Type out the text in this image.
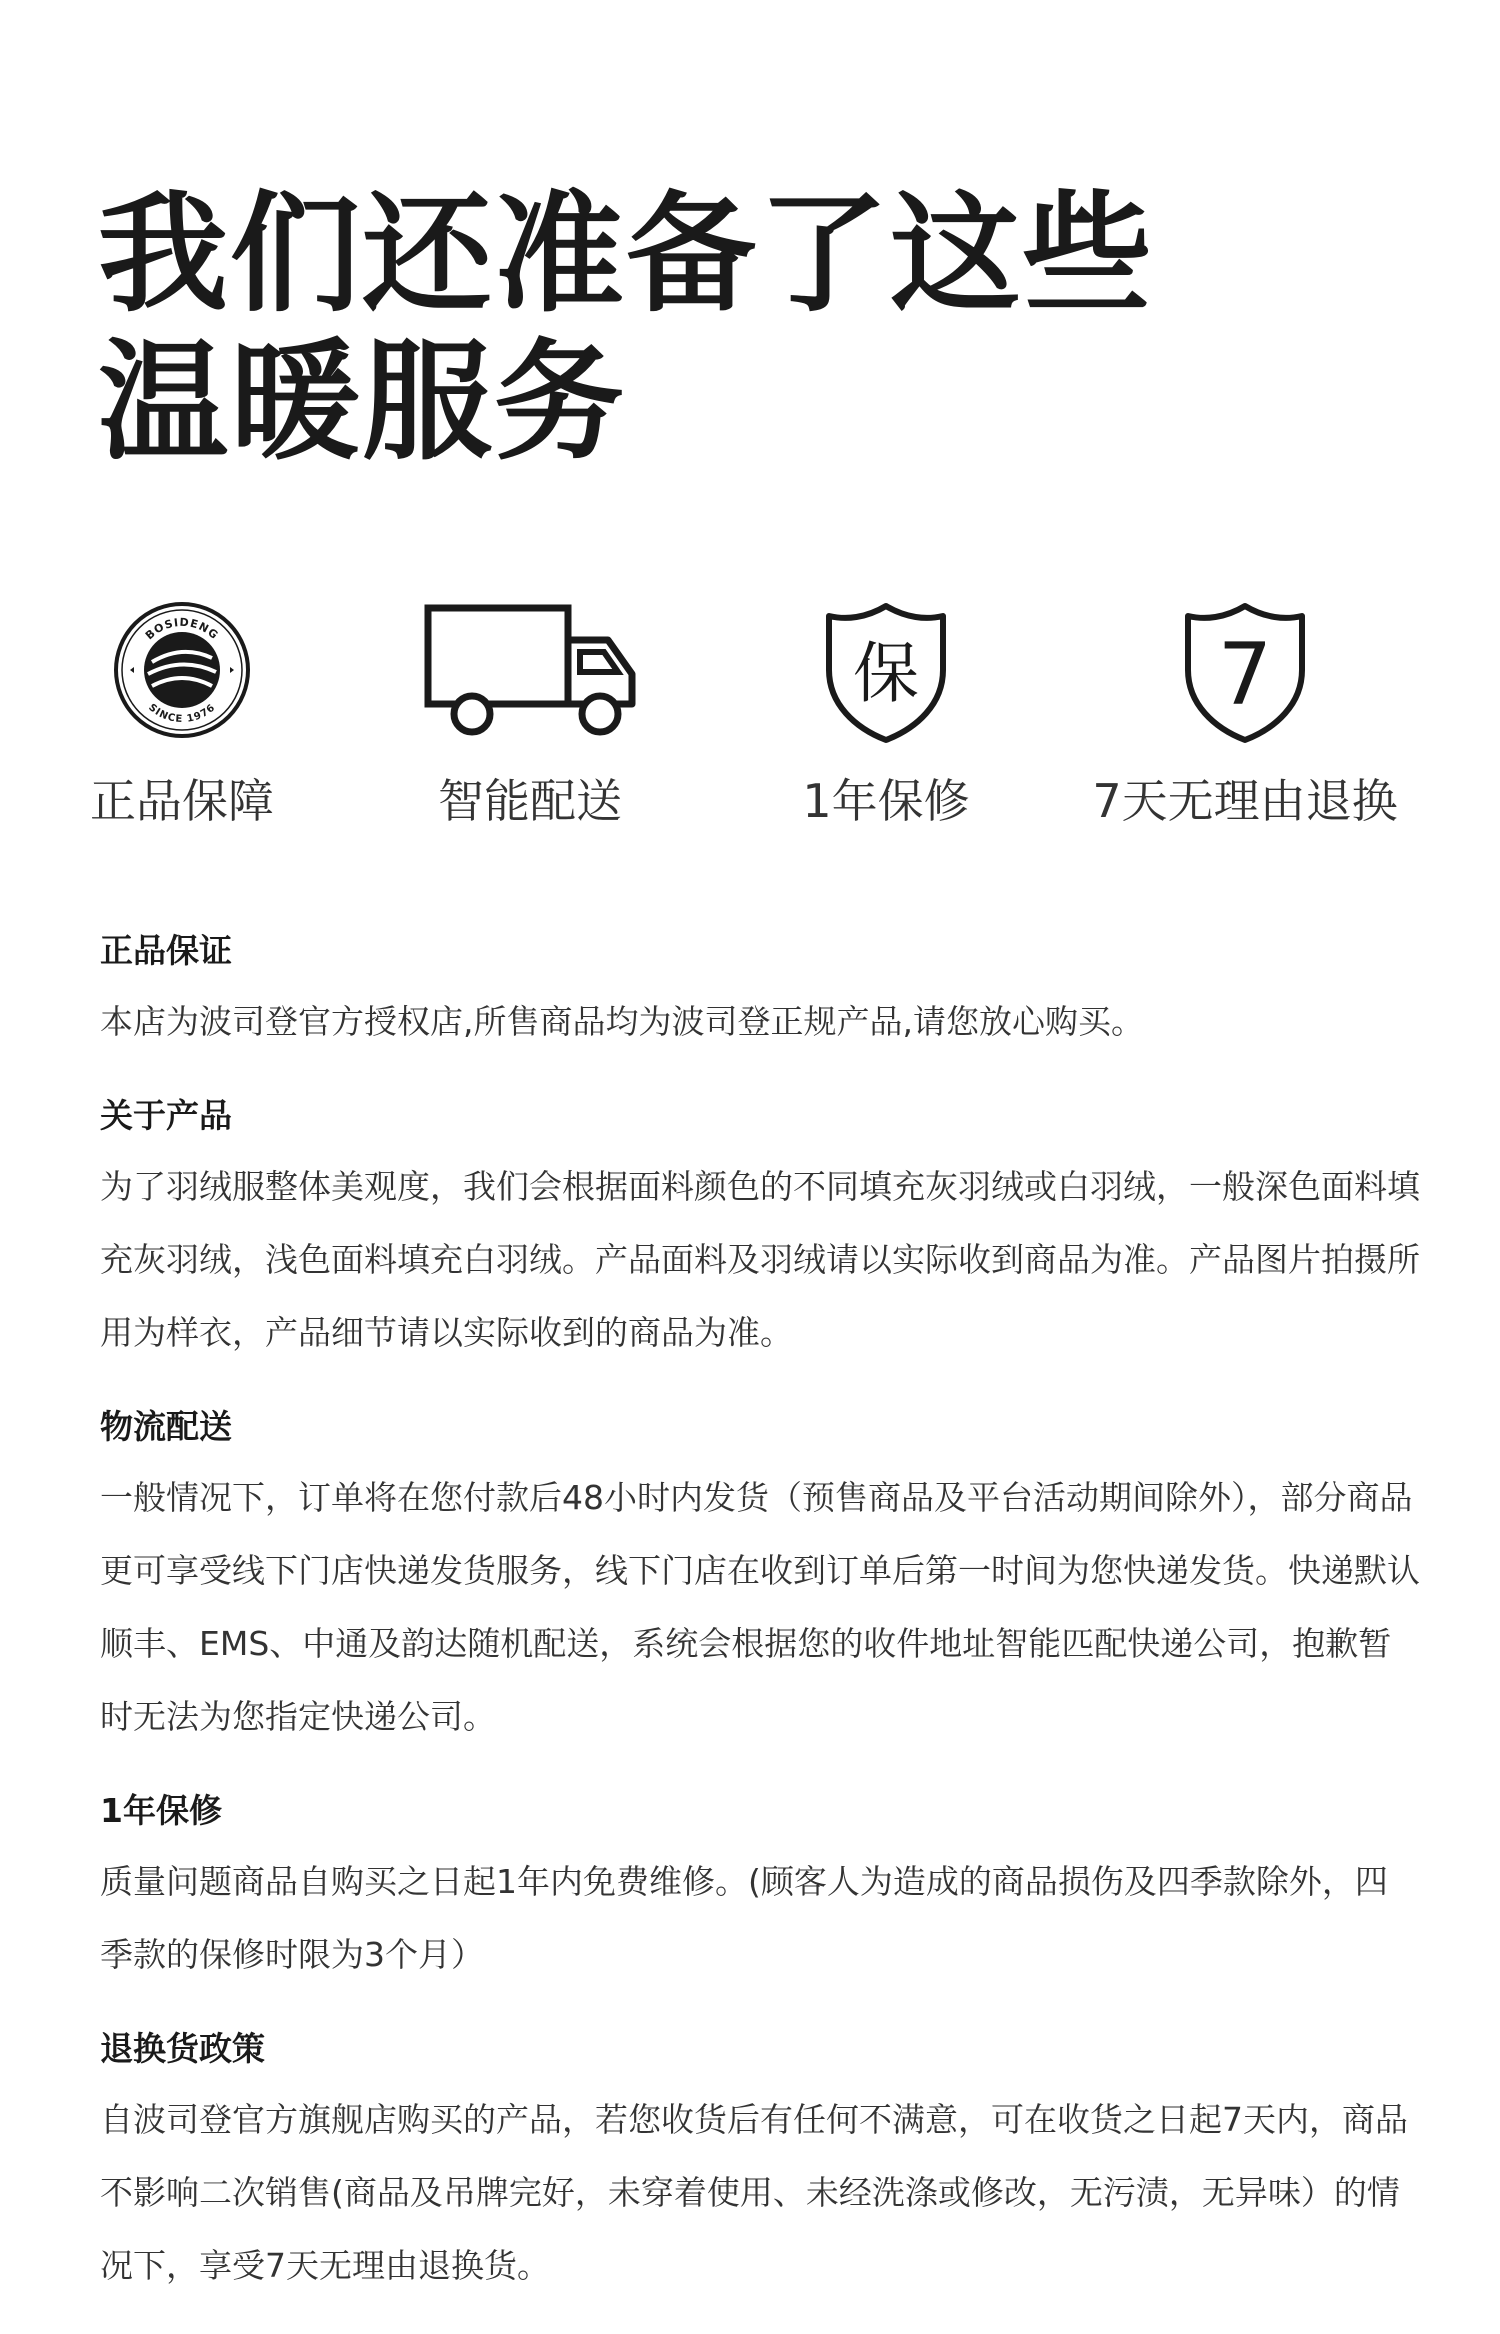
我们还准备了这些
温暖服务
BOSIDENG
SINCE 1976
正品保障	智能配送
保
1年保修
7
7天无理由退换
正品保证

本店为波司登官方授权店,所售商品均为波司登正规产品,请您放心购买。

关于产品

为了羽绒服整体美观度，我们会根据面料颜色的不同填充灰羽绒或白羽绒，一般深色面料填充灰羽绒，浅色面料填充白羽绒。产品面料及羽绒请以实际收到商品为准。产品图片拍摄所用为样衣，产品细节请以实际收到的商品为准。

物流配送

一般情况下，订单将在您付款后48小时内发货（预售商品及平台活动期间除外），部分商品更可享受线下门店快递发货服务，线下门店在收到订单后第一时间为您快递发货。快递默认顺丰、EMS、中通及韵达随机配送，系统会根据您的收件地址智能匹配快递公司，抱歉暂时无法为您指定快递公司。

1年保修

质量问题商品自购买之日起1年内免费维修。(顾客人为造成的商品损伤及四季款除外，四季款的保修时限为3个月）

退换货政策

自波司登官方旗舰店购买的产品，若您收货后有任何不满意，可在收货之日起7天内，商品不影响二次销售(商品及吊牌完好，未穿着使用、未经洗涤或修改，无污渍，无异味）的情况下，享受7天无理由退换货。
